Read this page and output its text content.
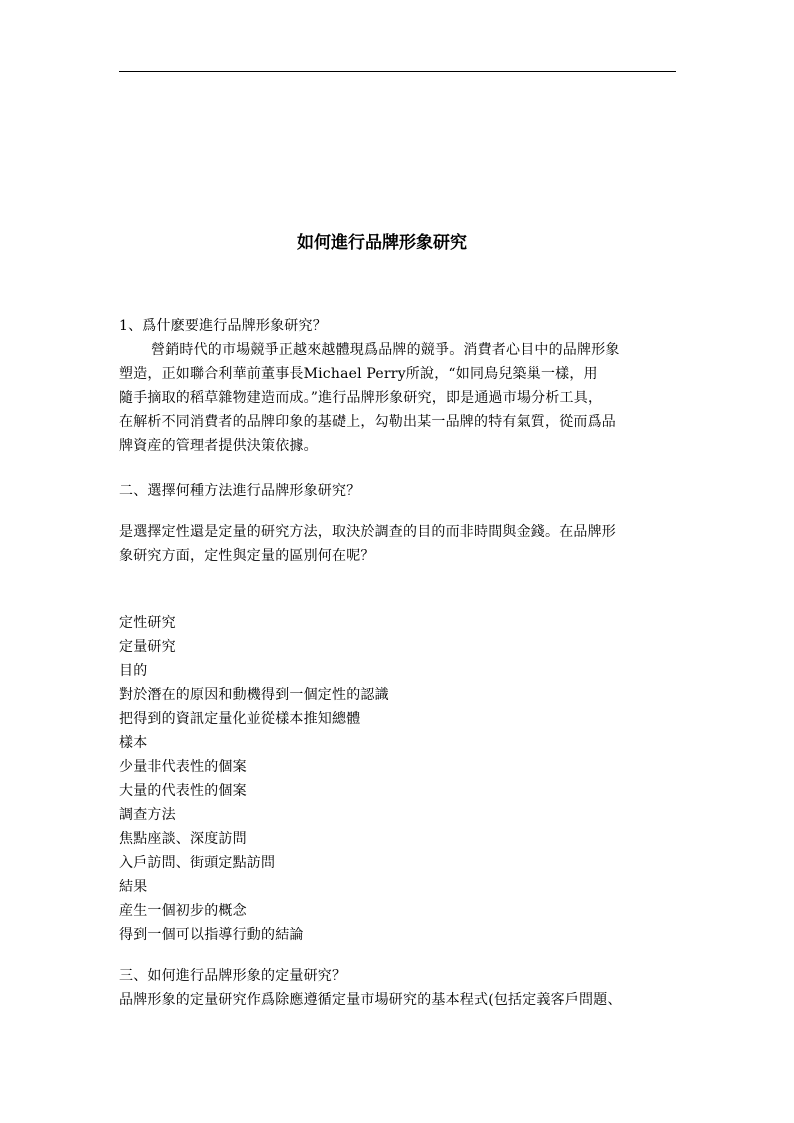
如何進行品牌形象研究
1、爲什麽要進行品牌形象研究？
營銷時代的市場競爭正越來越體現爲品牌的競爭。消費者心目中的品牌形象
塑造，正如聯合利華前董事長Michael Perry所說，“如同鳥兒築巢一樣，用
隨手摘取的稻草雜物建造而成。”進行品牌形象研究，即是通過市場分析工具，
在解析不同消費者的品牌印象的基礎上，勾勒出某一品牌的特有氣質，從而爲品
牌資産的管理者提供決策依據。
二、選擇何種方法進行品牌形象研究？
是選擇定性還是定量的研究方法，取決於調查的目的而非時間與金錢。在品牌形
象研究方面，定性與定量的區別何在呢？
定性研究
定量研究
目的
對於潛在的原因和動機得到一個定性的認識
把得到的資訊定量化並從樣本推知總體
樣本
少量非代表性的個案
大量的代表性的個案
調查方法
焦點座談、深度訪問
入戶訪問、街頭定點訪問
結果
産生一個初步的概念
得到一個可以指導行動的結論
三、如何進行品牌形象的定量研究？
品牌形象的定量研究作爲除應遵循定量市場研究的基本程式(包括定義客戶問題、
